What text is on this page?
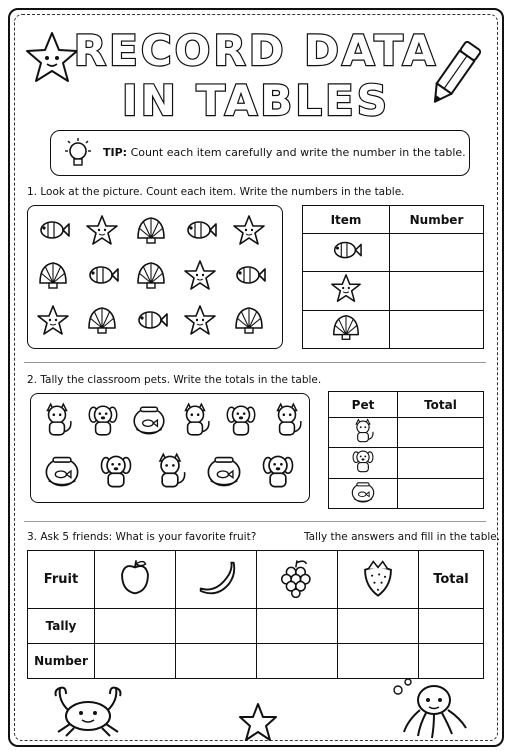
RECORD DATA
IN TABLES
TIP: Count each item carefully and write the number in the table.
1. Look at the picture. Count each item. Write the numbers in the table.
Item	Number

2. Tally the classroom pets. Write the totals in the table.
Pet	Total

3. Ask 5 friends: What is your favorite fruit?	Tally the answers and fill in the table.
Fruit					Total
Tally					
Number					
